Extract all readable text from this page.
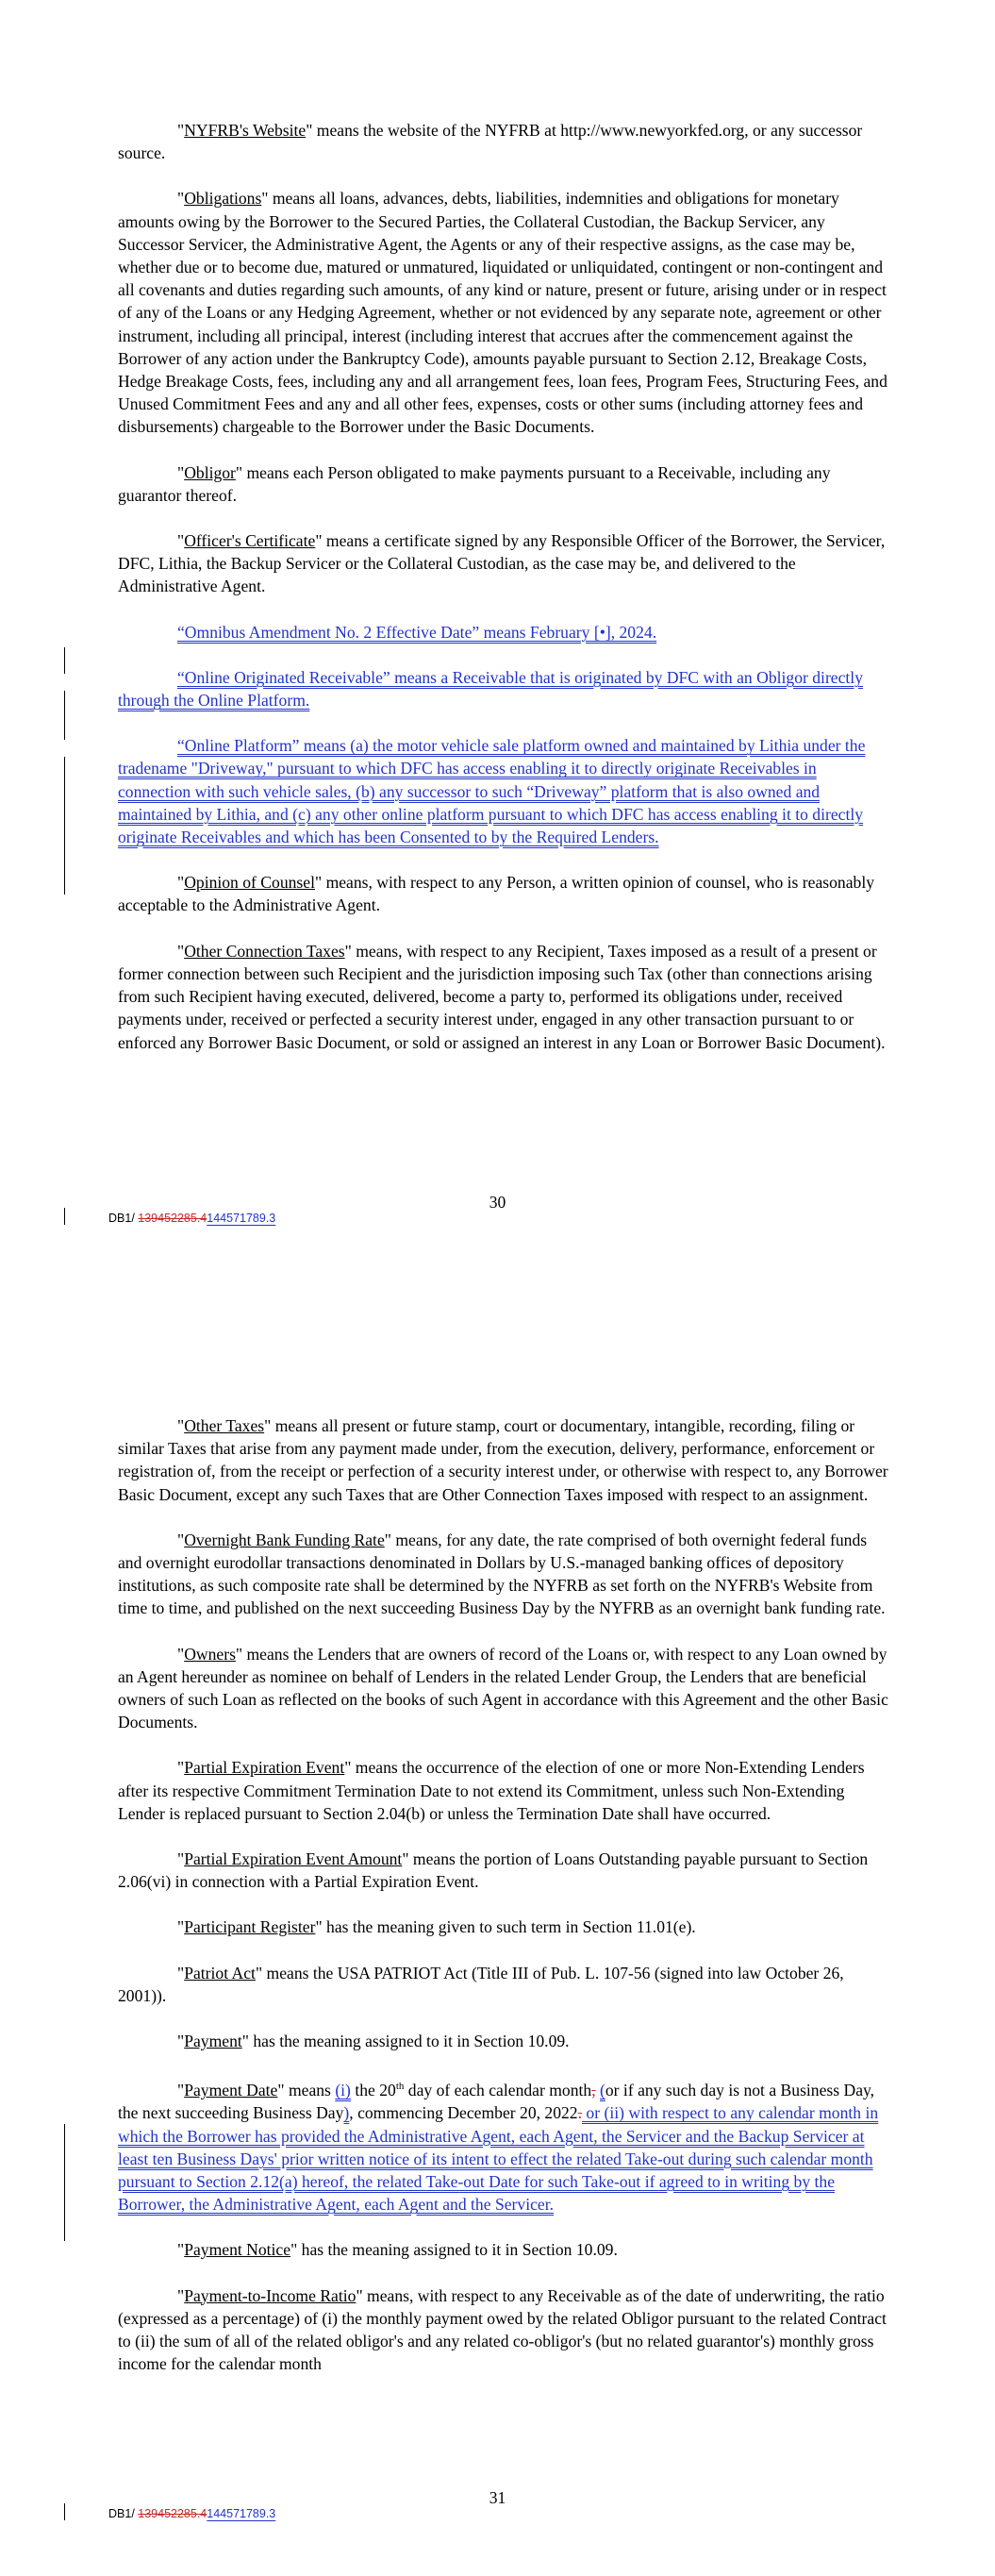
"NYFRB's Website" means the website of the NYFRB at http://www.newyorkfed.org, or any successor source.

"Obligations" means all loans, advances, debts, liabilities, indemnities and obligations for monetary amounts owing by the Borrower to the Secured Parties, the Collateral Custodian, the Backup Servicer, any Successor Servicer, the Administrative Agent, the Agents or any of their respective assigns, as the case may be, whether due or to become due, matured or unmatured, liquidated or unliquidated, contingent or non-contingent and all covenants and duties regarding such amounts, of any kind or nature, present or future, arising under or in respect of any of the Loans or any Hedging Agreement, whether or not evidenced by any separate note, agreement or other instrument, including all principal, interest (including interest that accrues after the commencement against the Borrower of any action under the Bankruptcy Code), amounts payable pursuant to Section 2.12, Breakage Costs, Hedge Breakage Costs, fees, including any and all arrangement fees, loan fees, Program Fees, Structuring Fees, and Unused Commitment Fees and any and all other fees, expenses, costs or other sums (including attorney fees and disbursements) chargeable to the Borrower under the Basic Documents.

"Obligor" means each Person obligated to make payments pursuant to a Receivable, including any guarantor thereof.

"Officer's Certificate" means a certificate signed by any Responsible Officer of the Borrower, the Servicer, DFC, Lithia, the Backup Servicer or the Collateral Custodian, as the case may be, and delivered to the Administrative Agent.

“Omnibus Amendment No. 2 Effective Date” means February [•], 2024.

“Online Originated Receivable” means a Receivable that is originated by DFC with an Obligor directly through the Online Platform.

“Online Platform” means (a) the motor vehicle sale platform owned and maintained by Lithia under the tradename "Driveway," pursuant to which DFC has access enabling it to directly originate Receivables in connection with such vehicle sales, (b) any successor to such “Driveway” platform that is also owned and maintained by Lithia, and (c) any other online platform pursuant to which DFC has access enabling it to directly originate Receivables and which has been Consented to by the Required Lenders.

"Opinion of Counsel" means, with respect to any Person, a written opinion of counsel, who is reasonably acceptable to the Administrative Agent.

"Other Connection Taxes" means, with respect to any Recipient, Taxes imposed as a result of a present or former connection between such Recipient and the jurisdiction imposing such Tax (other than connections arising from such Recipient having executed, delivered, become a party to, performed its obligations under, received payments under, received or perfected a security interest under, engaged in any other transaction pursuant to or enforced any Borrower Basic Document, or sold or assigned an interest in any Loan or Borrower Basic Document).

30
DB1/ 139452285.4144571789.3

"Other Taxes" means all present or future stamp, court or documentary, intangible, recording, filing or similar Taxes that arise from any payment made under, from the execution, delivery, performance, enforcement or registration of, from the receipt or perfection of a security interest under, or otherwise with respect to, any Borrower Basic Document, except any such Taxes that are Other Connection Taxes imposed with respect to an assignment.

"Overnight Bank Funding Rate" means, for any date, the rate comprised of both overnight federal funds and overnight eurodollar transactions denominated in Dollars by U.S.-managed banking offices of depository institutions, as such composite rate shall be determined by the NYFRB as set forth on the NYFRB's Website from time to time, and published on the next succeeding Business Day by the NYFRB as an overnight bank funding rate.

"Owners" means the Lenders that are owners of record of the Loans or, with respect to any Loan owned by an Agent hereunder as nominee on behalf of Lenders in the related Lender Group, the Lenders that are beneficial owners of such Loan as reflected on the books of such Agent in accordance with this Agreement and the other Basic Documents.

"Partial Expiration Event" means the occurrence of the election of one or more Non-Extending Lenders after its respective Commitment Termination Date to not extend its Commitment, unless such Non-Extending Lender is replaced pursuant to Section 2.04(b) or unless the Termination Date shall have occurred.

"Partial Expiration Event Amount" means the portion of Loans Outstanding payable pursuant to Section 2.06(vi) in connection with a Partial Expiration Event.

"Participant Register" has the meaning given to such term in Section 11.01(e).

"Patriot Act" means the USA PATRIOT Act (Title III of Pub. L. 107-56 (signed into law October 26, 2001)).

"Payment" has the meaning assigned to it in Section 10.09.

"Payment Date" means (i) the 20th day of each calendar month, (or if any such day is not a Business Day, the next succeeding Business Day), commencing December 20, 2022. or (ii) with respect to any calendar month in which the Borrower has provided the Administrative Agent, each Agent, the Servicer and the Backup Servicer at least ten Business Days' prior written notice of its intent to effect the related Take-out during such calendar month pursuant to Section 2.12(a) hereof, the related Take-out Date for such Take-out if agreed to in writing by the Borrower, the Administrative Agent, each Agent and the Servicer.

"Payment Notice" has the meaning assigned to it in Section 10.09.

"Payment-to-Income Ratio" means, with respect to any Receivable as of the date of underwriting, the ratio (expressed as a percentage) of (i) the monthly payment owed by the related Obligor pursuant to the related Contract to (ii) the sum of all of the related obligor's and any related co-obligor's (but no related guarantor's) monthly gross income for the calendar month

31
DB1/ 139452285.4144571789.3
